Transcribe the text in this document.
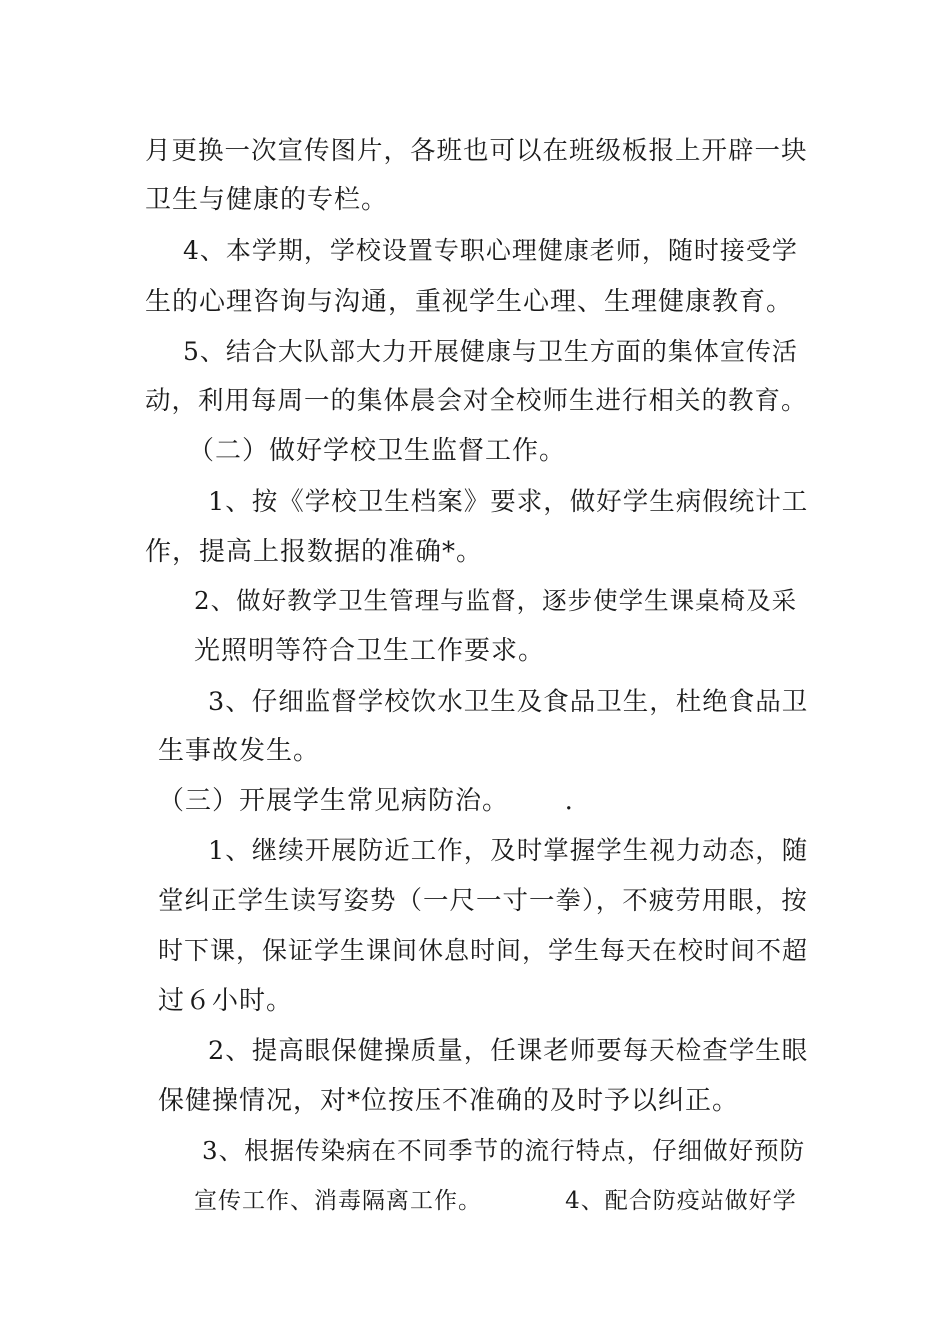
月更换一次宣传图片，各班也可以在班级板报上开辟一块
卫生与健康的专栏。
4、本学期，学校设置专职心理健康老师，随时接受学
生的心理咨询与沟通，重视学生心理、生理健康教育。
5、结合大队部大力开展健康与卫生方面的集体宣传活
动，利用每周一的集体晨会对全校师生进行相关的教育。
（二）做好学校卫生监督工作。
1、按《学校卫生档案》要求，做好学生病假统计工
作，提高上报数据的准确*。
2、做好教学卫生管理与监督，逐步使学生课桌椅及采
光照明等符合卫生工作要求。
3、仔细监督学校饮水卫生及食品卫生，杜绝食品卫
生事故发生。
（三）开展学生常见病防治。      .
1、继续开展防近工作，及时掌握学生视力动态，随
堂纠正学生读写姿势（一尺一寸一拳），不疲劳用眼，按
时下课，保证学生课间休息时间，学生每天在校时间不超
过６小时。
2、提高眼保健操质量，任课老师要每天检查学生眼
保健操情况，对*位按压不准确的及时予以纠正。
3、根据传染病在不同季节的流行特点，仔细做好预防
宣传工作、消毒隔离工作。          4、配合防疫站做好学
